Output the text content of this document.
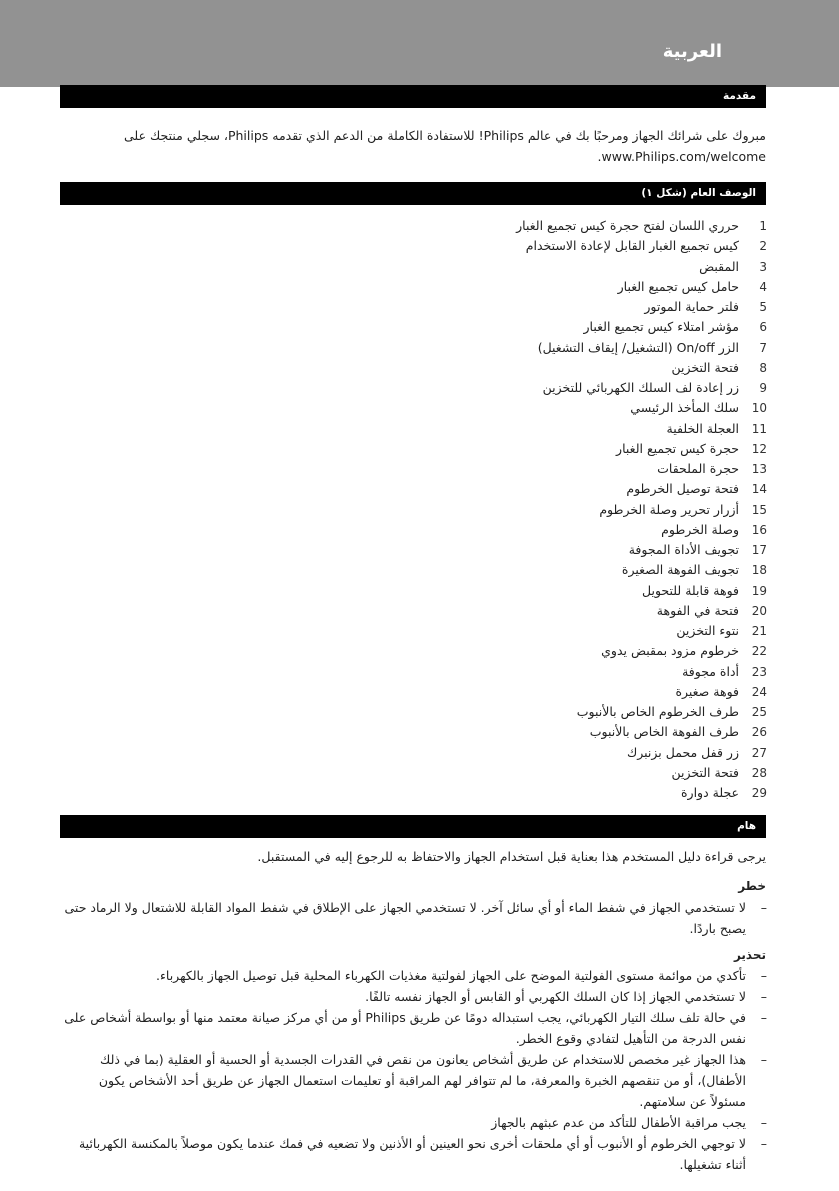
العربية
مقدمة

مبروك على شرائك الجهاز ومرحبًا بك في عالم Philips! للاستفادة الكاملة من الدعم الذي تقدمه Philips، سجلي منتجك على
www.Philips.com/welcome.

الوصف العام (شكل ١)
1
حرري اللسان لفتح حجرة كيس تجميع الغبار
2
كيس تجميع الغبار القابل لإعادة الاستخدام
3
المقبض
4
حامل كيس تجميع الغبار
5
فلتر حماية الموتور
6
مؤشر امتلاء كيس تجميع الغبار
7
الزر On/off (التشغيل/ إيقاف التشغيل)
8
فتحة التخزين
9
زر إعادة لف السلك الكهربائي للتخزين
10
سلك المأخذ الرئيسي
11
العجلة الخلفية
12
حجرة كيس تجميع الغبار
13
حجرة الملحقات
14
فتحة توصيل الخرطوم
15
أزرار تحرير وصلة الخرطوم
16
وصلة الخرطوم
17
تجويف الأداة المجوفة
18
تجويف الفوهة الصغيرة
19
فوهة قابلة للتحويل
20
فتحة في الفوهة
21
نتوء التخزين
22
خرطوم مزود بمقبض يدوي
23
أداة مجوفة
24
فوهة صغيرة
25
طرف الخرطوم الخاص بالأنبوب
26
طرف الفوهة الخاص بالأنبوب
27
زر قفل محمل بزنبرك
28
فتحة التخزين
29
عجلة دوارة
هام

يرجى قراءة دليل المستخدم هذا بعناية قبل استخدام الجهاز والاحتفاظ به للرجوع إليه في المستقبل.

خطر
–
لا تستخدمي الجهاز في شفط الماء أو أي سائل آخر. لا تستخدمي الجهاز على الإطلاق في شفط المواد القابلة للاشتعال ولا الرماد حتى يصبح باردًا.
تحذير
–
تأكدي من موائمة مستوى الفولتية الموضح على الجهاز لفولتية مغذيات الكهرباء المحلية قبل توصيل الجهاز بالكهرباء.
–
لا تستخدمي الجهاز إذا كان السلك الكهربي أو القابس أو الجهاز نفسه تالفًا.
–
في حالة تلف سلك التيار الكهربائي، يجب استبداله دومًا عن طريق Philips أو من أي مركز صيانة معتمد منها أو بواسطة أشخاص على نفس الدرجة من التأهيل لتفادي وقوع الخطر.
–
هذا الجهاز غير مخصص للاستخدام عن طريق أشخاص يعانون من نقص في القدرات الجسدية أو الحسية أو العقلية (بما في ذلك الأطفال)، أو من تنقصهم الخبرة والمعرفة، ما لم تتوافر لهم المراقبة أو تعليمات استعمال الجهاز عن طريق أحد الأشخاص يكون مسئولاً عن سلامتهم.
–
يجب مراقبة الأطفال للتأكد من عدم عبثهم بالجهاز
–
لا توجهي الخرطوم أو الأنبوب أو أي ملحقات أخرى نحو العينين أو الأذنين ولا تضعيه في فمك عندما يكون موصلاً بالمكنسة الكهربائية أثناء تشغيلها.
